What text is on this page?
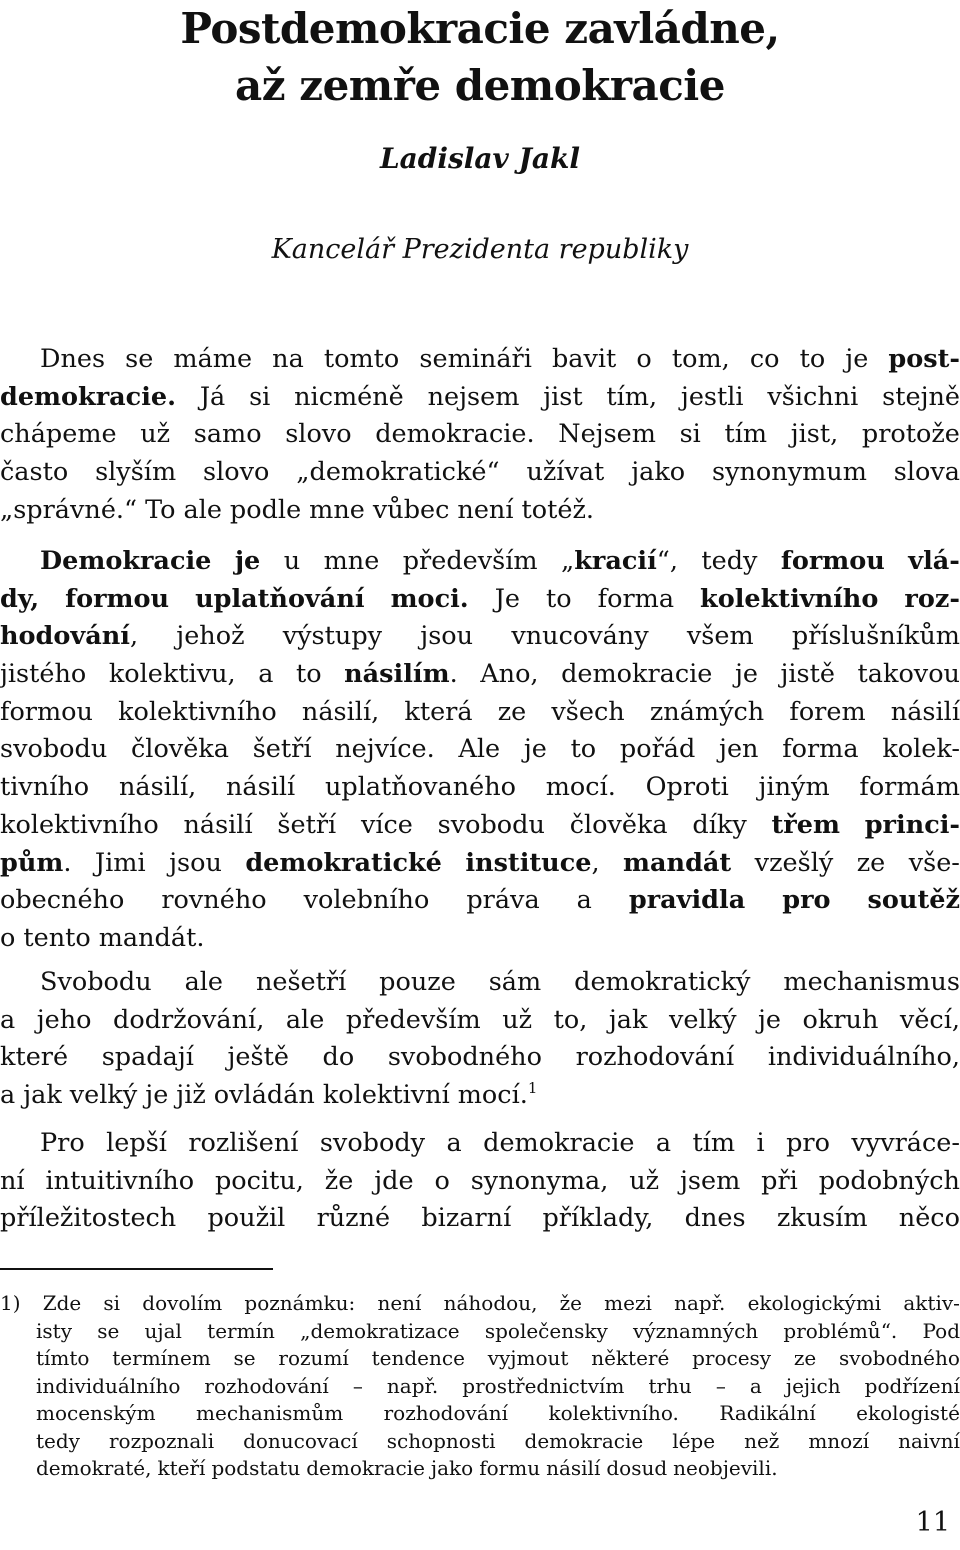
Postdemokracie zavládne,
až zemře demokracie
Ladislav Jakl
Kancelář Prezidenta republiky
Dnes se máme na tomto semináři bavit o tom, co to je post-
demokracie. Já si nicméně nejsem jist tím, jestli všichni stejně
chápeme už samo slovo demokracie. Nejsem si tím jist, protože
často slyším slovo „demokratické“ užívat jako synonymum slova
„správné.“ To ale podle mne vůbec není totéž.
Demokracie je u mne především „kracií“, tedy formou vlá-
dy, formou uplatňování moci. Je to forma kolektivního roz-
hodování, jehož výstupy jsou vnucovány všem příslušníkům
jistého kolektivu, a to násilím. Ano, demokracie je jistě takovou
formou kolektivního násilí, která ze všech známých forem násilí
svobodu člověka šetří nejvíce. Ale je to pořád jen forma kolek-
tivního násilí, násilí uplatňovaného mocí. Oproti jiným formám
kolektivního násilí šetří více svobodu člověka díky třem princi-
pům. Jimi jsou demokratické instituce, mandát vzešlý ze vše-
obecného rovného volebního práva a pravidla pro soutěž
o tento mandát.
Svobodu ale nešetří pouze sám demokratický mechanismus
a jeho dodržování, ale především už to, jak velký je okruh věcí,
které spadají ještě do svobodného rozhodování individuálního,
a jak velký je již ovládán kolektivní mocí.$^1$
Pro lepší rozlišení svobody a demokracie a tím i pro vyvráce-
ní intuitivního pocitu, že jde o synonyma, už jsem při podobných
příležitostech použil různé bizarní příklady, dnes zkusím něco
1) Zde si dovolím poznámku: není náhodou, že mezi např. ekologickými aktiv-
isty se ujal termín „demokratizace společensky významných problémů“. Pod
tímto termínem se rozumí tendence vyjmout některé procesy ze svobodného
individuálního rozhodování – např. prostřednictvím trhu – a jejich podřízení
mocenským mechanismům rozhodování kolektivního. Radikální ekologisté
tedy rozpoznali donucovací schopnosti demokracie lépe než mnozí naivní
demokraté, kteří podstatu demokracie jako formu násilí dosud neobjevili.
11
